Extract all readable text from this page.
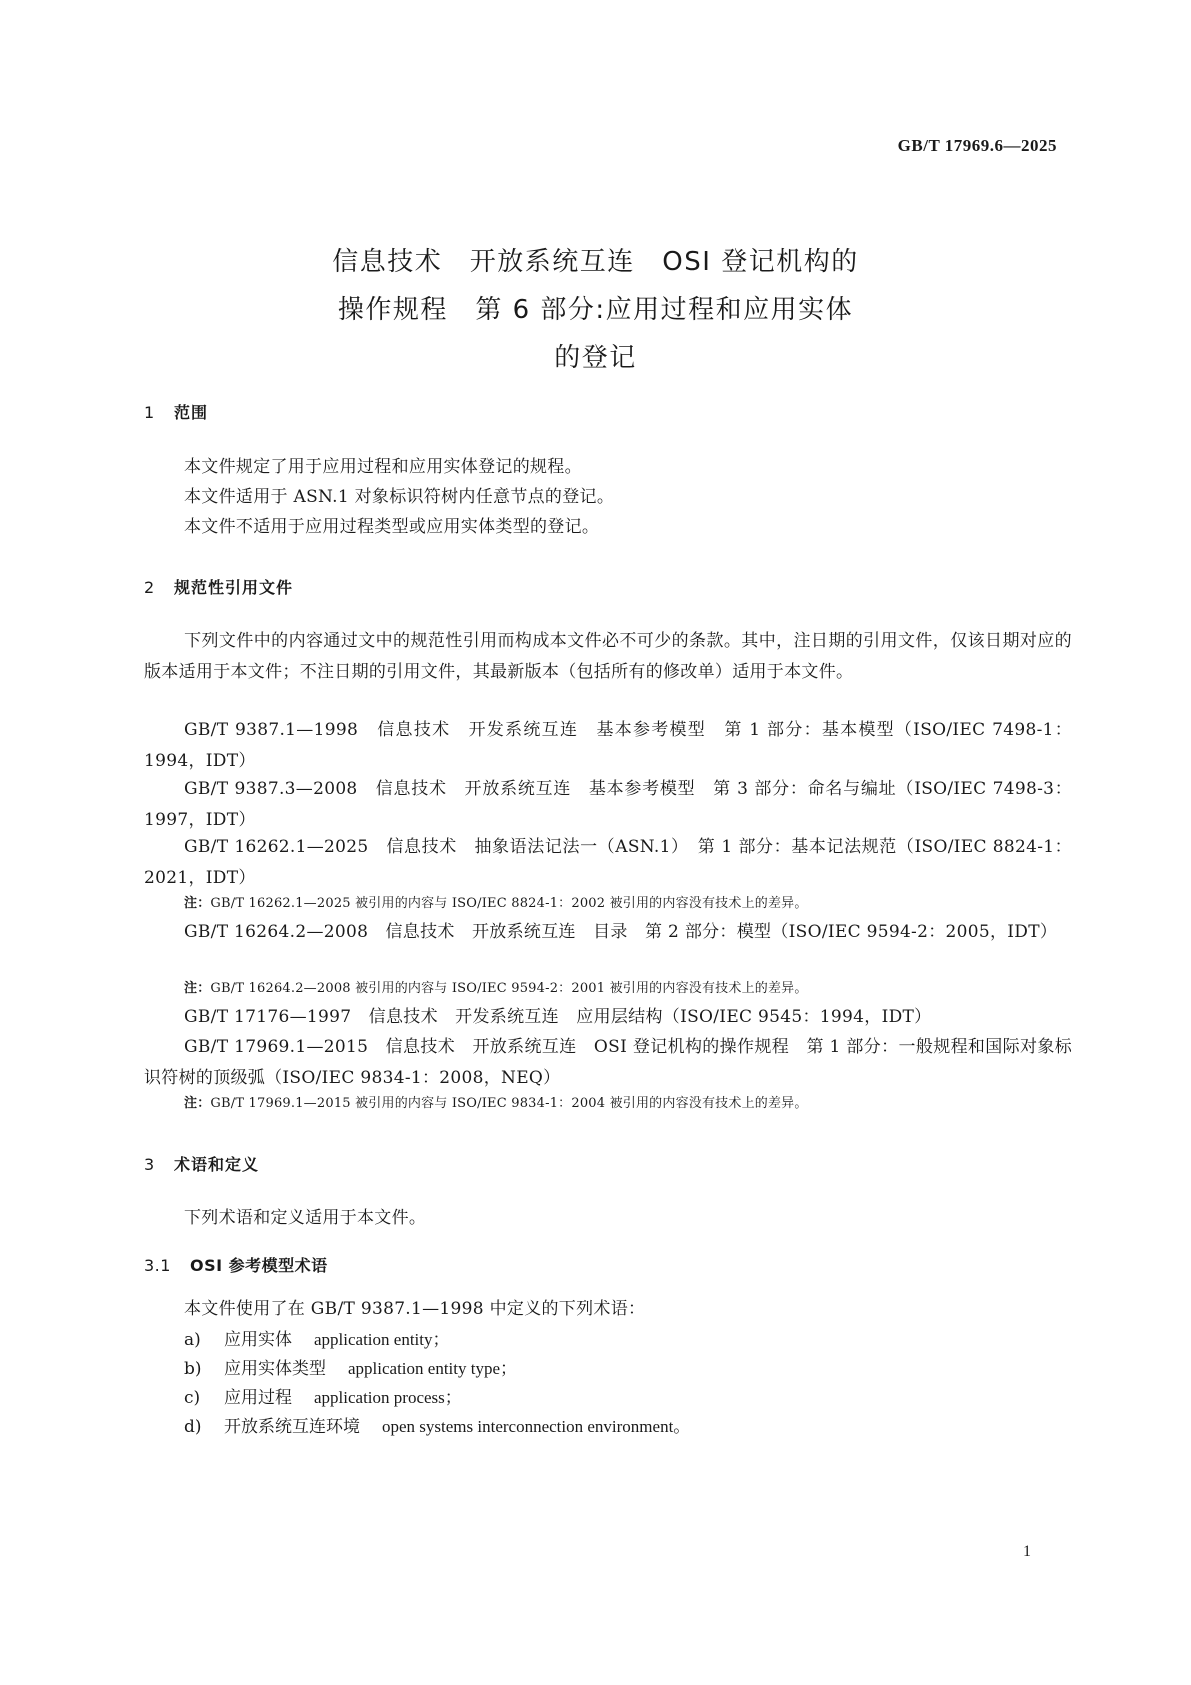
GB/T 17969.6—2025
信息技术　开放系统互连　OSI 登记机构的
操作规程　第 6 部分:应用过程和应用实体
的登记
1 范围
本文件规定了用于应用过程和应用实体登记的规程。
本文件适用于 ASN.1 对象标识符树内任意节点的登记。
本文件不适用于应用过程类型或应用实体类型的登记。
2 规范性引用文件
下列文件中的内容通过文中的规范性引用而构成本文件必不可少的条款。其中，注日期的引用文件，仅该日期对应的版本适用于本文件；不注日期的引用文件，其最新版本（包括所有的修改单）适用于本文件。
GB/T 9387.1—1998　信息技术　开发系统互连　基本参考模型　第 1 部分：基本模型（ISO/IEC 7498-1：1994，IDT）
GB/T 9387.3—2008　信息技术　开放系统互连　基本参考模型　第 3 部分：命名与编址（ISO/IEC 7498-3：1997，IDT）
GB/T 16262.1—2025　信息技术　抽象语法记法一（ASN.1）　第 1 部分：基本记法规范（ISO/IEC 8824-1：2021，IDT）
注：GB/T 16262.1—2025 被引用的内容与 ISO/IEC 8824-1：2002 被引用的内容没有技术上的差异。
GB/T 16264.2—2008　信息技术　开放系统互连　目录　第 2 部分：模型（ISO/IEC 9594-2：2005，IDT）
注：GB/T 16264.2—2008 被引用的内容与 ISO/IEC 9594-2：2001 被引用的内容没有技术上的差异。
GB/T 17176—1997　信息技术　开发系统互连　应用层结构（ISO/IEC 9545：1994，IDT）
GB/T 17969.1—2015　信息技术　开放系统互连　OSI 登记机构的操作规程　第 1 部分：一般规程和国际对象标识符树的顶级弧（ISO/IEC 9834-1：2008，NEQ）
注：GB/T 17969.1—2015 被引用的内容与 ISO/IEC 9834-1：2004 被引用的内容没有技术上的差异。
3 术语和定义
下列术语和定义适用于本文件。
3.1 OSI 参考模型术语
本文件使用了在 GB/T 9387.1—1998 中定义的下列术语：
a) 应用实体 application entity；
b) 应用实体类型 application entity type；
c) 应用过程 application process；
d) 开放系统互连环境 open systems interconnection environment。
1
